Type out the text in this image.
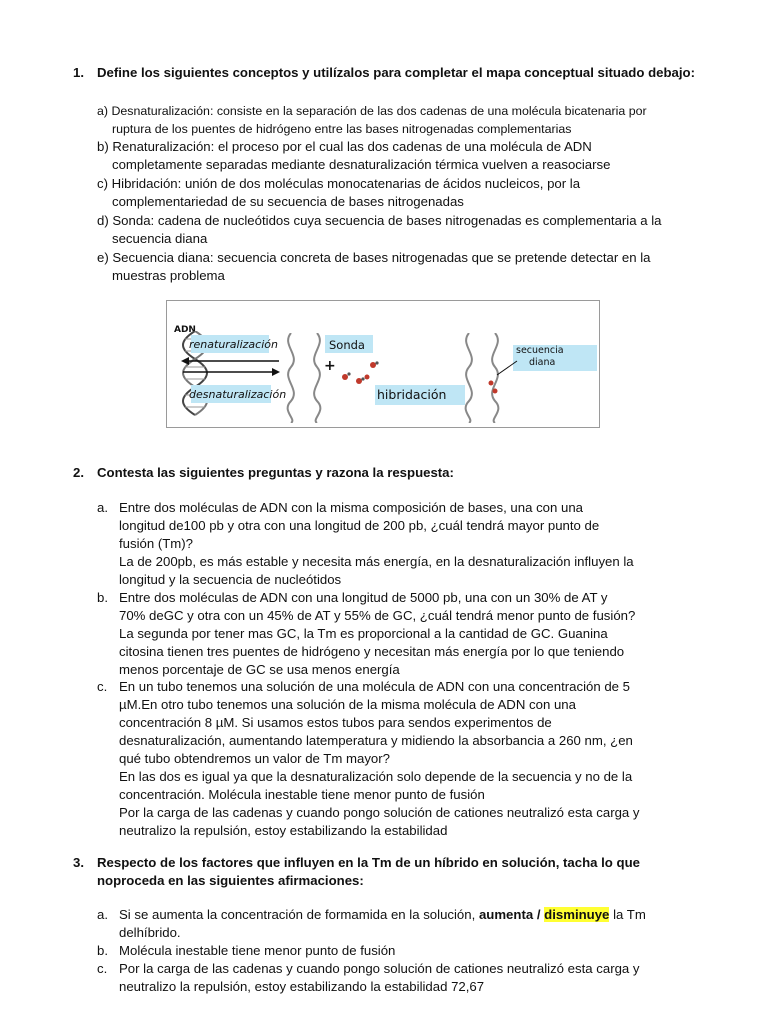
1. Define los siguientes conceptos y utilízalos para completar el mapa conceptual situado debajo:
a) Desnaturalización: consiste en la separación de las dos cadenas de una molécula bicatenaria por
ruptura de los puentes de hidrógeno entre las bases nitrogenadas complementarias
b) Renaturalización: el proceso por el cual las dos cadenas de una molécula de ADN
completamente separadas mediante desnaturalización térmica vuelven a reasociarse
c) Hibridación: unión de dos moléculas monocatenarias de ácidos nucleicos, por la
complementariedad de su secuencia de bases nitrogenadas
d) Sonda: cadena de nucleótidos cuya secuencia de bases nitrogenadas es complementaria a la
secuencia diana
e) Secuencia diana: secuencia concreta de bases nitrogenadas que se pretende detectar en la
muestras problema
ADN
renaturalización
desnaturalización
+
Sonda
hibridación
secuencia
diana
2. Contesta las siguientes preguntas y razona la respuesta:
a. Entre dos moléculas de ADN con la misma composición de bases, una con una
longitud de100 pb y otra con una longitud de 200 pb, ¿cuál tendrá mayor punto de
fusión (Tm)?
La de 200pb, es más estable y necesita más energía, en la desnaturalización influyen la
longitud y la secuencia de nucleótidos
b. Entre dos moléculas de ADN con una longitud de 5000 pb, una con un 30% de AT y
70% deGC y otra con un 45% de AT y 55% de GC, ¿cuál tendrá menor punto de fusión?
La segunda por tener mas GC, la Tm es proporcional a la cantidad de GC. Guanina
citosina tienen tres puentes de hidrógeno y necesitan más energía por lo que teniendo
menos porcentaje de GC se usa menos energía
c. En un tubo tenemos una solución de una molécula de ADN con una concentración de 5
µM.En otro tubo tenemos una solución de la misma molécula de ADN con una
concentración 8 µM. Si usamos estos tubos para sendos experimentos de
desnaturalización, aumentando latemperatura y midiendo la absorbancia a 260 nm, ¿en
qué tubo obtendremos un valor de Tm mayor?
En las dos es igual ya que la desnaturalización solo depende de la secuencia y no de la
concentración. Molécula inestable tiene menor punto de fusión
Por la carga de las cadenas y cuando pongo solución de cationes neutralizó esta carga y
neutralizo la repulsión, estoy estabilizando la estabilidad
3. Respecto de los factores que influyen en la Tm de un híbrido en solución, tacha lo que
noproceda en las siguientes afirmaciones:
a. Si se aumenta la concentración de formamida en la solución, aumenta / disminuye la Tm
delhíbrido.
b. Molécula inestable tiene menor punto de fusión
c. Por la carga de las cadenas y cuando pongo solución de cationes neutralizó esta carga y
neutralizo la repulsión, estoy estabilizando la estabilidad 72,67
